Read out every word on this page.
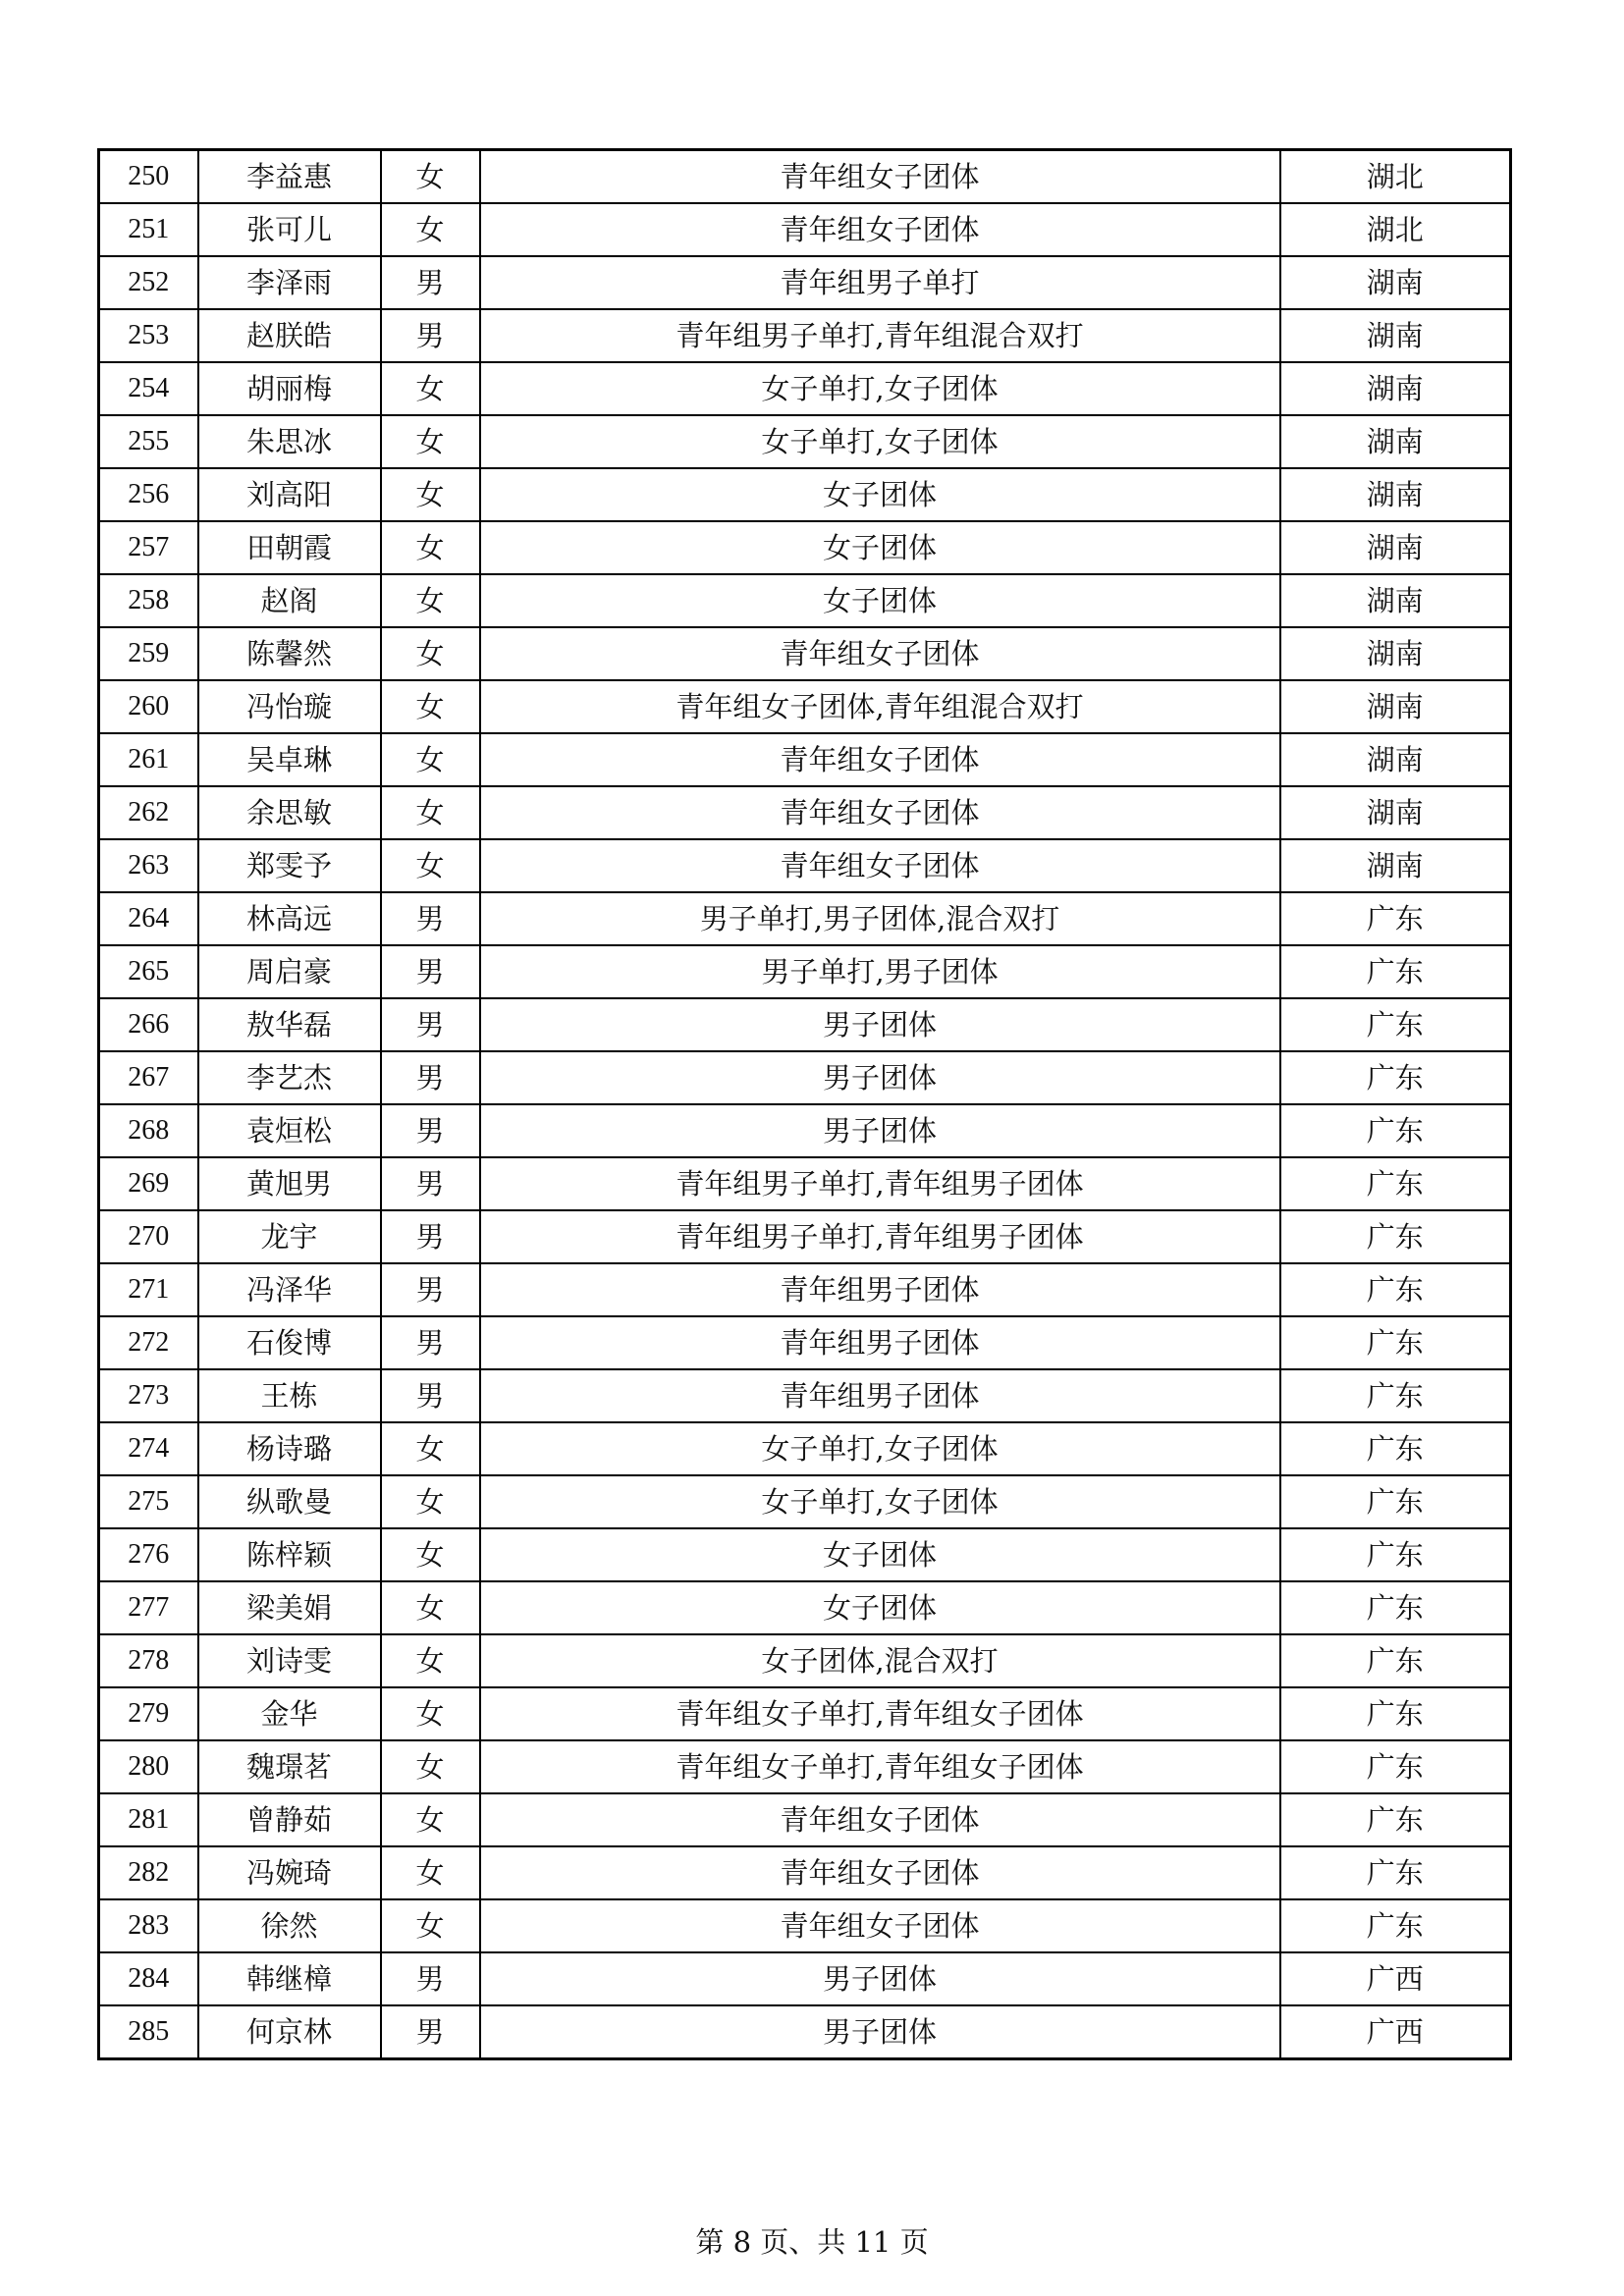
250	李益惠	女	青年组女子团体	湖北
251	张可儿	女	青年组女子团体	湖北
252	李泽雨	男	青年组男子单打	湖南
253	赵朕皓	男	青年组男子单打,青年组混合双打	湖南
254	胡丽梅	女	女子单打,女子团体	湖南
255	朱思冰	女	女子单打,女子团体	湖南
256	刘高阳	女	女子团体	湖南
257	田朝霞	女	女子团体	湖南
258	赵阁	女	女子团体	湖南
259	陈馨然	女	青年组女子团体	湖南
260	冯怡璇	女	青年组女子团体,青年组混合双打	湖南
261	吴卓琳	女	青年组女子团体	湖南
262	余思敏	女	青年组女子团体	湖南
263	郑雯予	女	青年组女子团体	湖南
264	林高远	男	男子单打,男子团体,混合双打	广东
265	周启豪	男	男子单打,男子团体	广东
266	敖华磊	男	男子团体	广东
267	李艺杰	男	男子团体	广东
268	袁烜松	男	男子团体	广东
269	黄旭男	男	青年组男子单打,青年组男子团体	广东
270	龙宇	男	青年组男子单打,青年组男子团体	广东
271	冯泽华	男	青年组男子团体	广东
272	石俊博	男	青年组男子团体	广东
273	王栋	男	青年组男子团体	广东
274	杨诗璐	女	女子单打,女子团体	广东
275	纵歌曼	女	女子单打,女子团体	广东
276	陈梓颖	女	女子团体	广东
277	梁美娟	女	女子团体	广东
278	刘诗雯	女	女子团体,混合双打	广东
279	金华	女	青年组女子单打,青年组女子团体	广东
280	魏璟茗	女	青年组女子单打,青年组女子团体	广东
281	曾静茹	女	青年组女子团体	广东
282	冯婉琦	女	青年组女子团体	广东
283	徐然	女	青年组女子团体	广东
284	韩继樟	男	男子团体	广西
285	何京林	男	男子团体	广西
第 8 页、共 11 页
